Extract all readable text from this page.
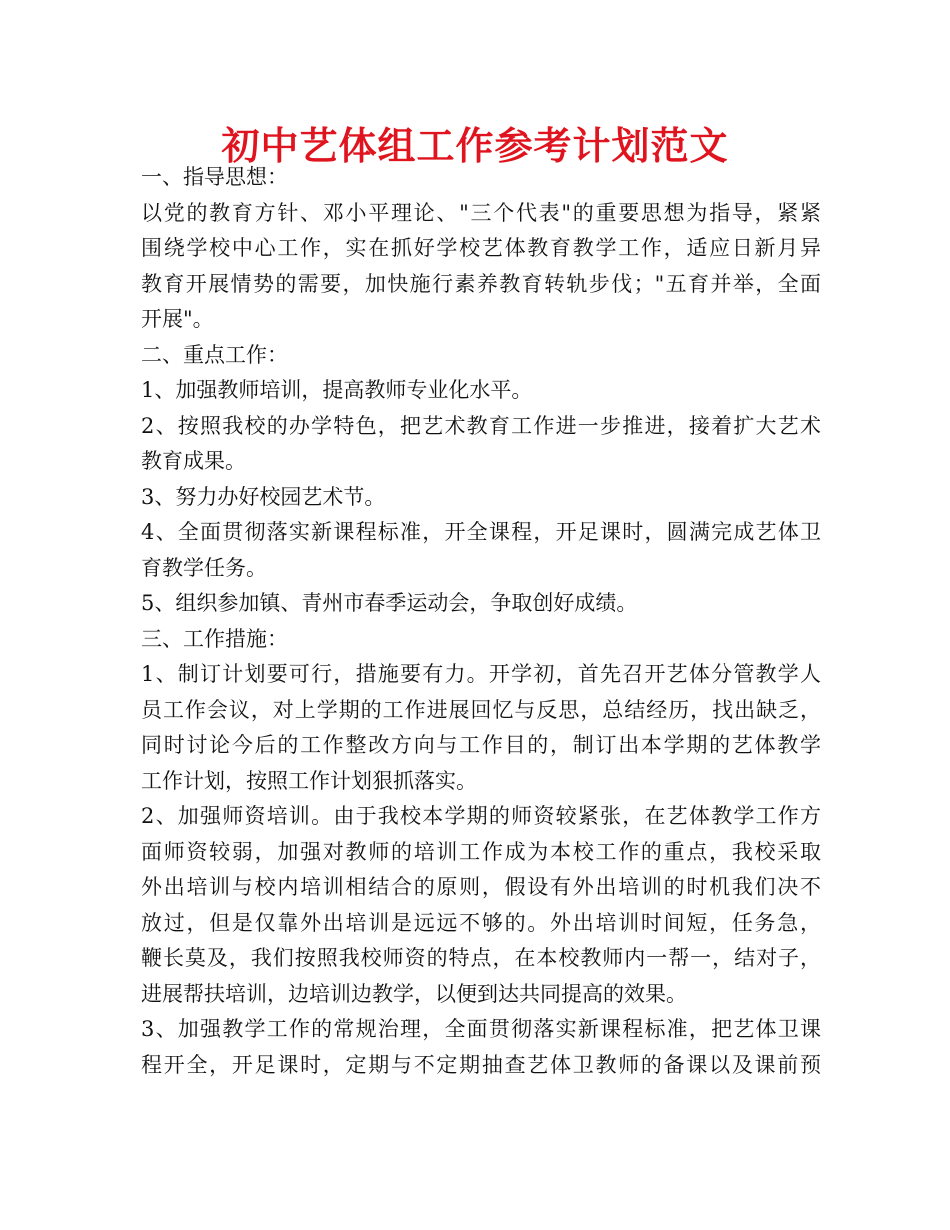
初中艺体组工作参考计划范文
一、指导思想：
以党的教育方针、邓小平理论、"三个代表"的重要思想为指导，紧紧
围绕学校中心工作，实在抓好学校艺体教育教学工作，适应日新月异
教育开展情势的需要，加快施行素养教育转轨步伐；"五育并举，全面
开展"。
二、重点工作：
1、加强教师培训，提高教师专业化水平。
2、按照我校的办学特色，把艺术教育工作进一步推进，接着扩大艺术
教育成果。
3、努力办好校园艺术节。
4、全面贯彻落实新课程标准，开全课程，开足课时，圆满完成艺体卫
育教学任务。
5、组织参加镇、青州市春季运动会，争取创好成绩。
三、工作措施：
1、制订计划要可行，措施要有力。开学初，首先召开艺体分管教学人
员工作会议，对上学期的工作进展回忆与反思，总结经历，找出缺乏，
同时讨论今后的工作整改方向与工作目的，制订出本学期的艺体教学
工作计划，按照工作计划狠抓落实。
2、加强师资培训。由于我校本学期的师资较紧张，在艺体教学工作方
面师资较弱，加强对教师的培训工作成为本校工作的重点，我校采取
外出培训与校内培训相结合的原则，假设有外出培训的时机我们决不
放过，但是仅靠外出培训是远远不够的。外出培训时间短，任务急，
鞭长莫及，我们按照我校师资的特点，在本校教师内一帮一，结对子，
进展帮扶培训，边培训边教学，以便到达共同提高的效果。
3、加强教学工作的常规治理，全面贯彻落实新课程标准，把艺体卫课
程开全，开足课时，定期与不定期抽查艺体卫教师的备课以及课前预
